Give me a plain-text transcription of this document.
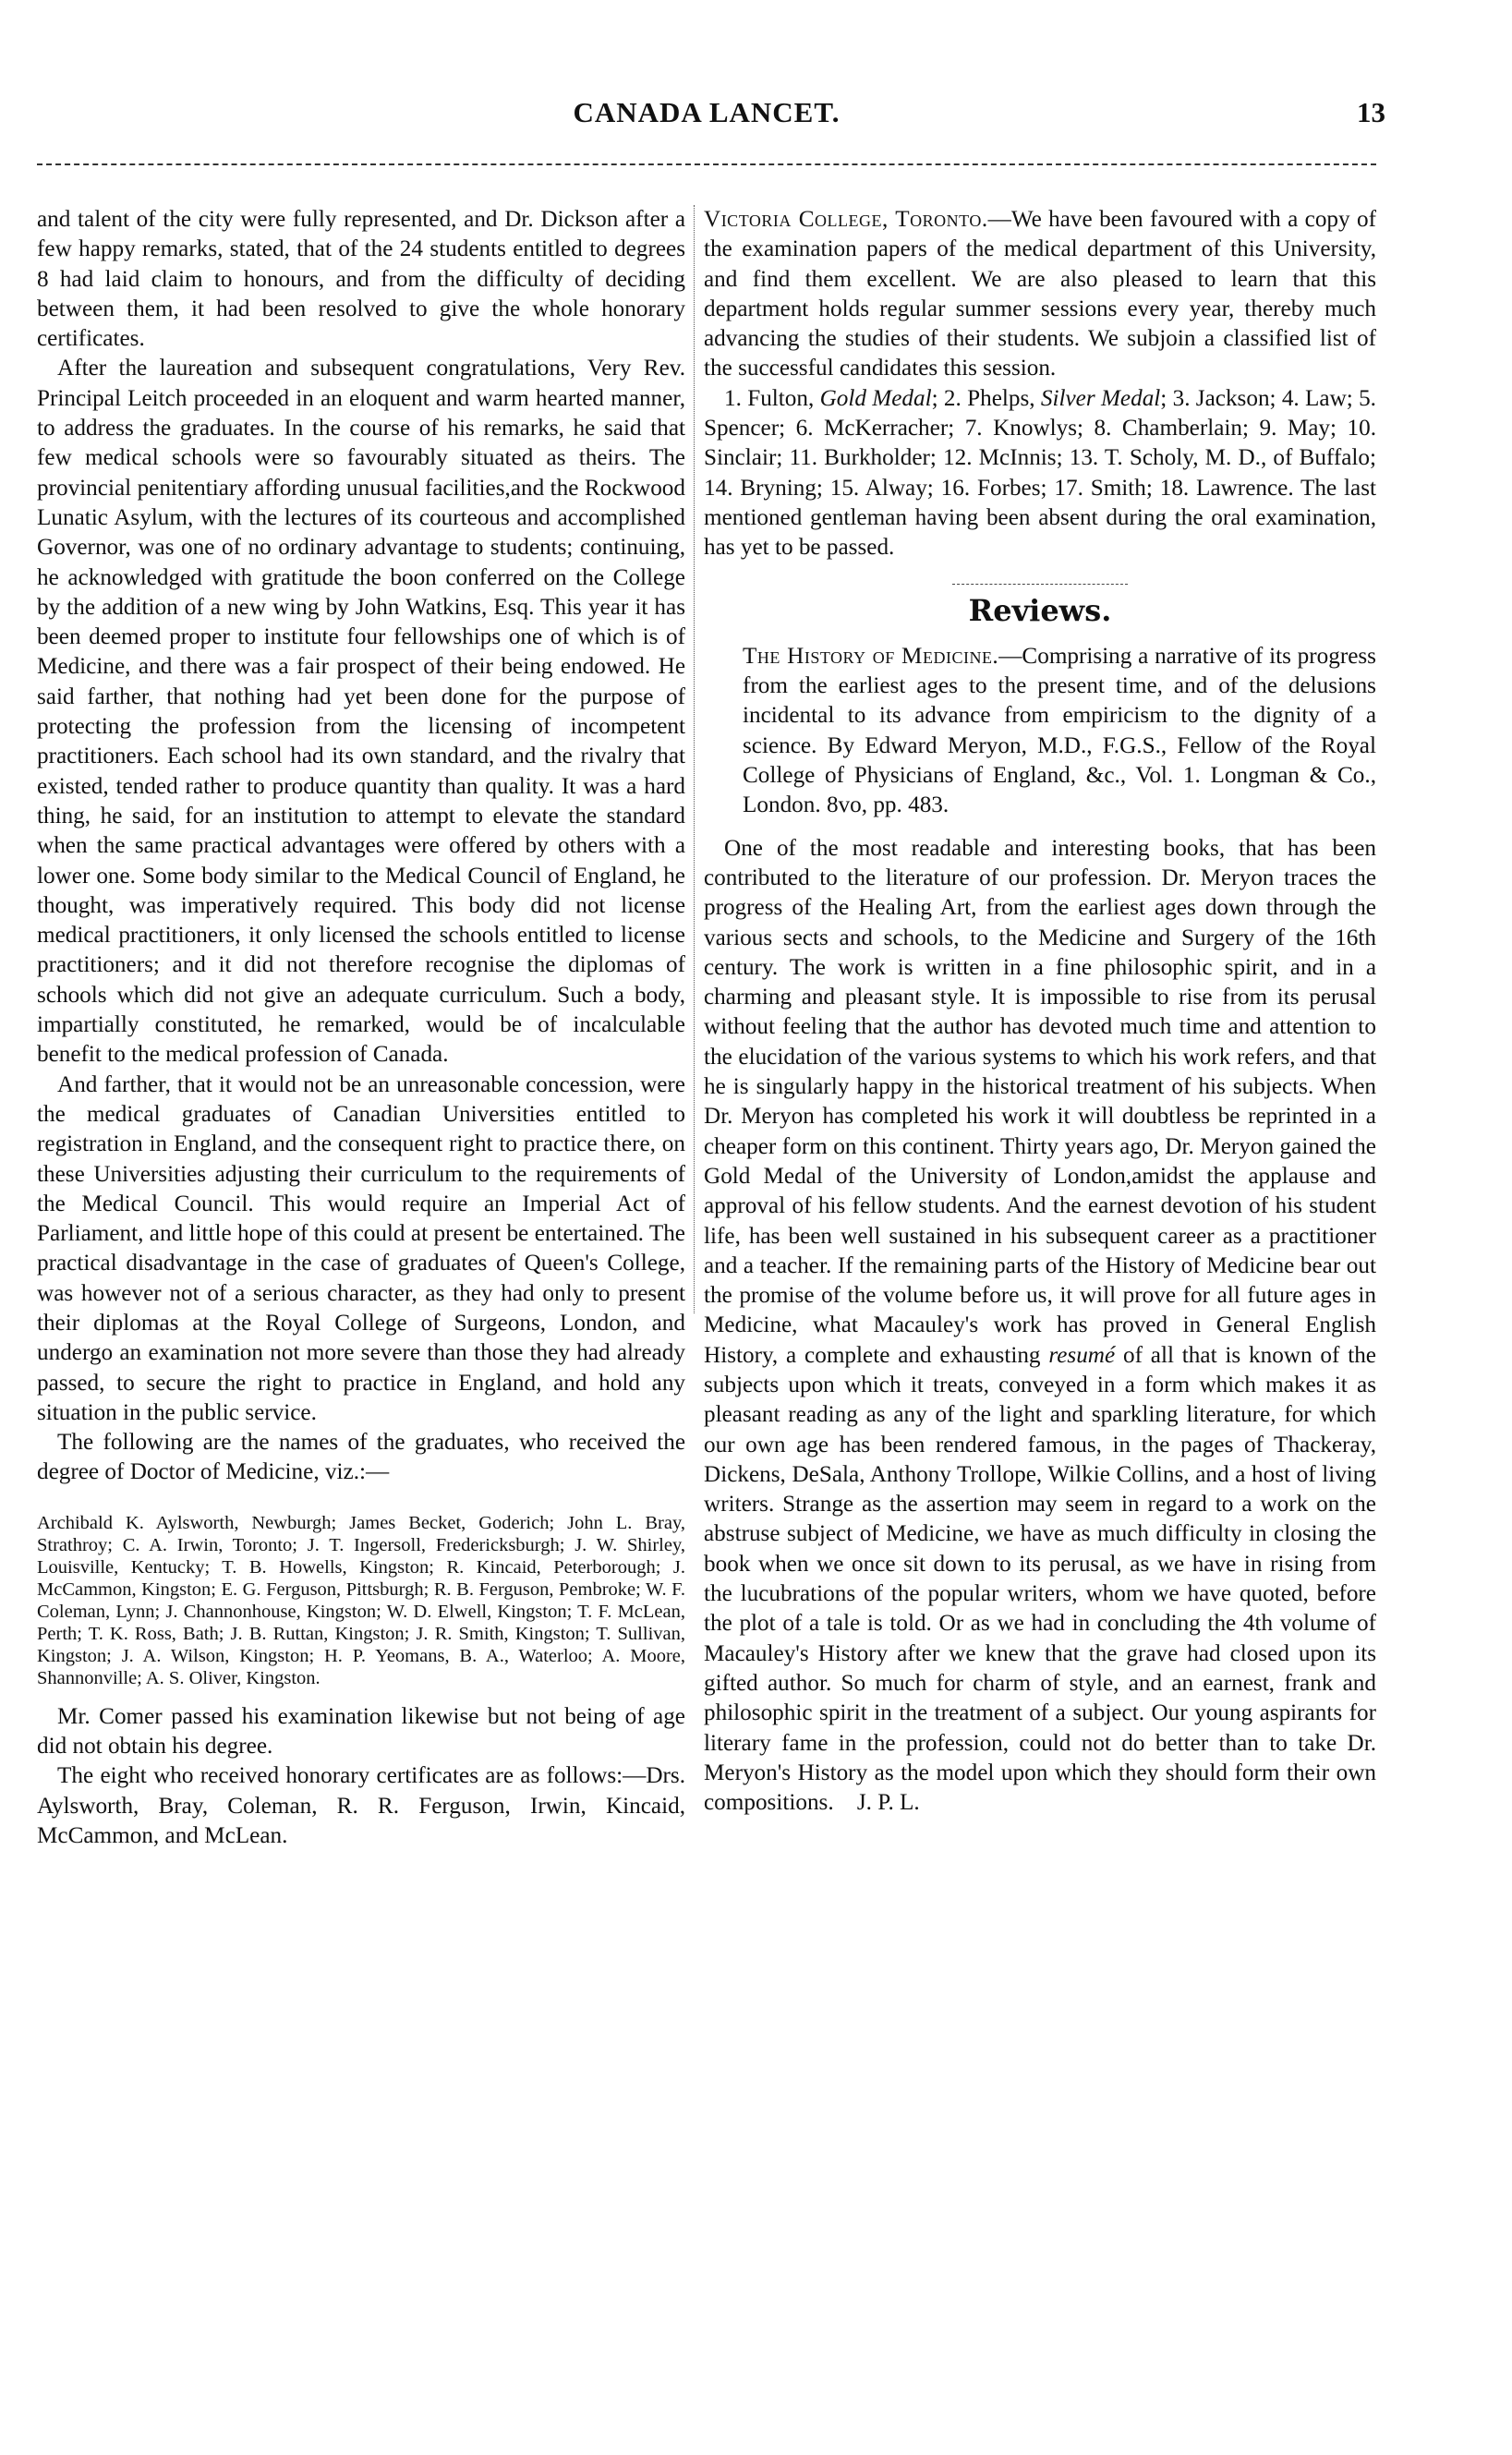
CANADA LANCET.	13

and talent of the city were fully represented, and Dr. Dickson after a few happy remarks, stated, that of the 24 students entitled to degrees 8 had laid claim to honours, and from the difficulty of deciding between them, it had been resolved to give the whole honorary certificates.

After the laureation and subsequent congratulations, Very Rev. Principal Leitch proceeded in an eloquent and warm hearted manner, to address the graduates. In the course of his remarks, he said that few medical schools were so favourably situated as theirs. The provincial penitentiary affording unusual facilities,and the Rockwood Lunatic Asylum, with the lectures of its courteous and accomplished Governor, was one of no ordinary advantage to students; continuing, he acknowledged with gratitude the boon conferred on the College by the addition of a new wing by John Watkins, Esq. This year it has been deemed proper to institute four fellowships one of which is of Medicine, and there was a fair prospect of their being endowed. He said farther, that nothing had yet been done for the purpose of protecting the profession from the licensing of incompetent practitioners. Each school had its own standard, and the rivalry that existed, tended rather to produce quantity than quality. It was a hard thing, he said, for an institution to attempt to elevate the standard when the same practical advantages were offered by others with a lower one. Some body similar to the Medical Council of England, he thought, was imperatively required. This body did not license medical practitioners, it only licensed the schools entitled to license practitioners; and it did not therefore recognise the diplomas of schools which did not give an adequate curriculum. Such a body, impartially constituted, he remarked, would be of incalculable benefit to the medical profession of Canada.

And farther, that it would not be an unreasonable concession, were the medical graduates of Canadian Universities entitled to registration in England, and the consequent right to practice there, on these Universities adjusting their curriculum to the requirements of the Medical Council. This would require an Imperial Act of Parliament, and little hope of this could at present be entertained. The practical disadvantage in the case of graduates of Queen's College, was however not of a serious character, as they had only to present their diplomas at the Royal College of Surgeons, London, and undergo an examination not more severe than those they had already passed, to secure the right to practice in England, and hold any situation in the public service.

The following are the names of the graduates, who received the degree of Doctor of Medicine, viz.:—

Archibald K. Aylsworth, Newburgh; James Becket, Goderich; John L. Bray, Strathroy; C. A. Irwin, Toronto; J. T. Ingersoll, Fredericksburgh; J. W. Shirley, Louisville, Kentucky; T. B. Howells, Kingston; R. Kincaid, Peterborough; J. McCammon, Kingston; E. G. Ferguson, Pittsburgh; R. B. Ferguson, Pembroke; W. F. Coleman, Lynn; J. Channonhouse, Kingston; W. D. Elwell, Kingston; T. F. McLean, Perth; T. K. Ross, Bath; J. B. Ruttan, Kingston; J. R. Smith, Kingston; T. Sullivan, Kingston; J. A. Wilson, Kingston; H. P. Yeomans, B. A., Waterloo; A. Moore, Shannonville; A. S. Oliver, Kingston.

Mr. Comer passed his examination likewise but not being of age did not obtain his degree.

The eight who received honorary certificates are as follows:—Drs. Aylsworth, Bray, Coleman, R. R. Ferguson, Irwin, Kincaid, McCammon, and McLean.

Victoria College, Toronto.—We have been favoured with a copy of the examination papers of the medical department of this University, and find them excellent. We are also pleased to learn that this department holds regular summer sessions every year, thereby much advancing the studies of their students. We subjoin a classified list of the successful candidates this session.

1. Fulton, Gold Medal; 2. Phelps, Silver Medal; 3. Jackson; 4. Law; 5. Spencer; 6. McKerracher; 7. Knowlys; 8. Chamberlain; 9. May; 10. Sinclair; 11. Burkholder; 12. McInnis; 13. T. Scholy, M. D., of Buffalo; 14. Bryning; 15. Alway; 16. Forbes; 17. Smith; 18. Lawrence. The last mentioned gentleman having been absent during the oral examination, has yet to be passed.

Reviews.

The History of Medicine.—Comprising a narrative of its progress from the earliest ages to the present time, and of the delusions incidental to its advance from empiricism to the dignity of a science. By Edward Meryon, M.D., F.G.S., Fellow of the Royal College of Physicians of England, &c., Vol. 1. Longman & Co., London. 8vo, pp. 483.

One of the most readable and interesting books, that has been contributed to the literature of our profession. Dr. Meryon traces the progress of the Healing Art, from the earliest ages down through the various sects and schools, to the Medicine and Surgery of the 16th century. The work is written in a fine philosophic spirit, and in a charming and pleasant style. It is impossible to rise from its perusal without feeling that the author has devoted much time and attention to the elucidation of the various systems to which his work refers, and that he is singularly happy in the historical treatment of his subjects. When Dr. Meryon has completed his work it will doubtless be reprinted in a cheaper form on this continent. Thirty years ago, Dr. Meryon gained the Gold Medal of the University of London,amidst the applause and approval of his fellow students. And the earnest devotion of his student life, has been well sustained in his subsequent career as a practitioner and a teacher. If the remaining parts of the History of Medicine bear out the promise of the volume before us, it will prove for all future ages in Medicine, what Macauley's work has proved in General English History, a complete and exhausting resumé of all that is known of the subjects upon which it treats, conveyed in a form which makes it as pleasant reading as any of the light and sparkling literature, for which our own age has been rendered famous, in the pages of Thackeray, Dickens, DeSala, Anthony Trollope, Wilkie Collins, and a host of living writers. Strange as the assertion may seem in regard to a work on the abstruse subject of Medicine, we have as much difficulty in closing the book when we once sit down to its perusal, as we have in rising from the lucubrations of the popular writers, whom we have quoted, before the plot of a tale is told. Or as we had in concluding the 4th volume of Macauley's History after we knew that the grave had closed upon its gifted author. So much for charm of style, and an earnest, frank and philosophic spirit in the treatment of a subject. Our young aspirants for literary fame in the profession, could not do better than to take Dr. Meryon's History as the model upon which they should form their own compositions. J. P. L.
